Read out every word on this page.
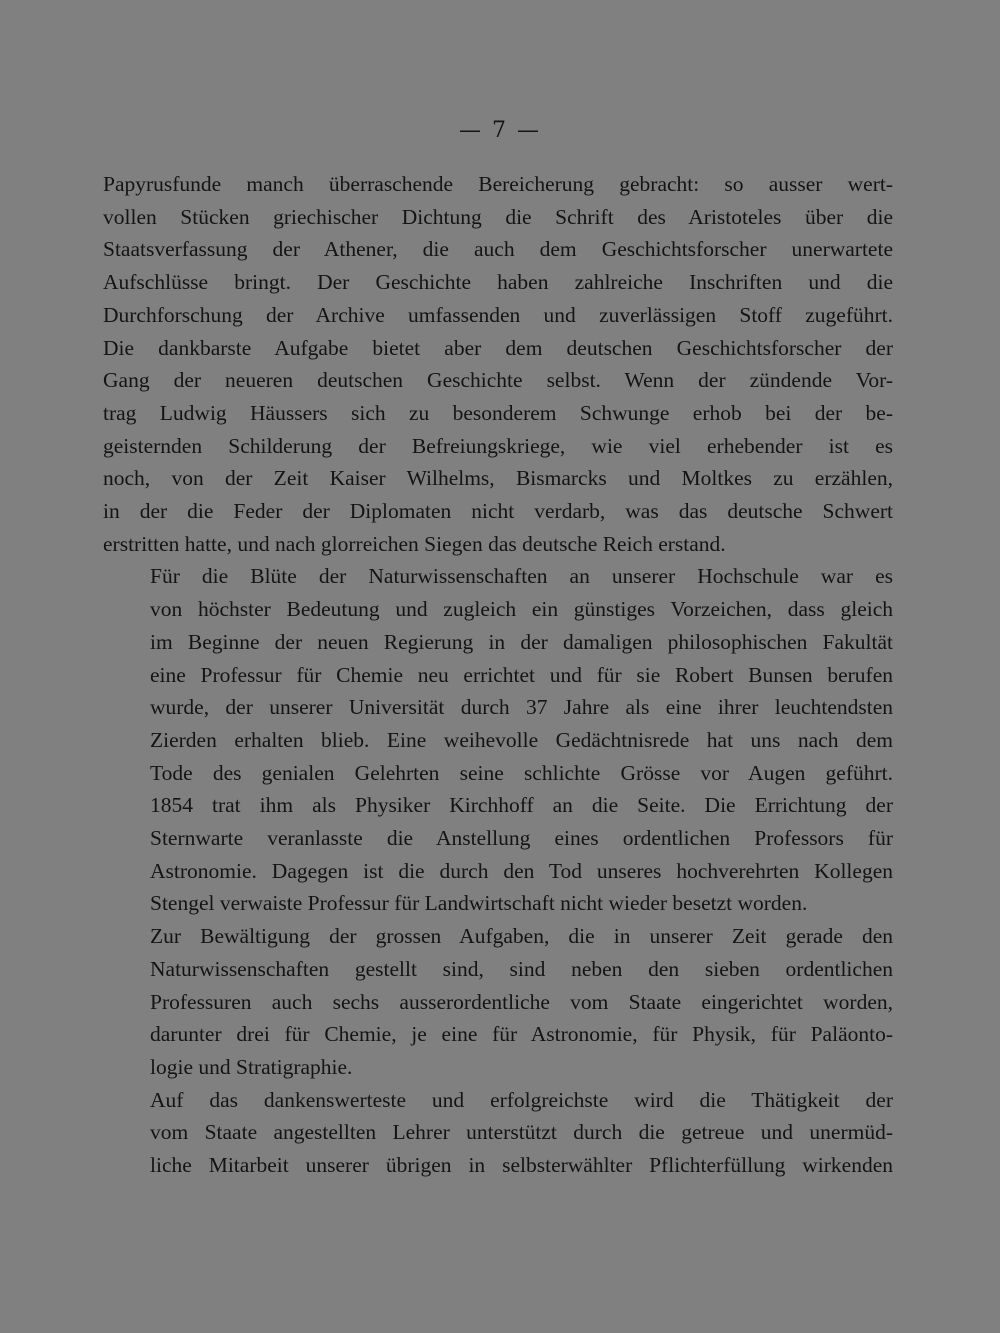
— 7 —

Papyrusfunde manch überraschende Bereicherung gebracht: so ausser wert-
vollen Stücken griechischer Dichtung die Schrift des Aristoteles über die
Staatsverfassung der Athener, die auch dem Geschichtsforscher unerwartete
Aufschlüsse bringt. Der Geschichte haben zahlreiche Inschriften und die
Durchforschung der Archive umfassenden und zuverlässigen Stoff zugeführt.
Die dankbarste Aufgabe bietet aber dem deutschen Geschichtsforscher der
Gang der neueren deutschen Geschichte selbst. Wenn der zündende Vor-
trag Ludwig Häussers sich zu besonderem Schwunge erhob bei der be-
geisternden Schilderung der Befreiungskriege, wie viel erhebender ist es
noch, von der Zeit Kaiser Wilhelms, Bismarcks und Moltkes zu erzählen,
in der die Feder der Diplomaten nicht verdarb, was das deutsche Schwert
erstritten hatte, und nach glorreichen Siegen das deutsche Reich erstand.
Für die Blüte der Naturwissenschaften an unserer Hochschule war es
von höchster Bedeutung und zugleich ein günstiges Vorzeichen, dass gleich
im Beginne der neuen Regierung in der damaligen philosophischen Fakultät
eine Professur für Chemie neu errichtet und für sie Robert Bunsen berufen
wurde, der unserer Universität durch 37 Jahre als eine ihrer leuchtendsten
Zierden erhalten blieb. Eine weihevolle Gedächtnisrede hat uns nach dem
Tode des genialen Gelehrten seine schlichte Grösse vor Augen geführt.
1854 trat ihm als Physiker Kirchhoff an die Seite. Die Errichtung der
Sternwarte veranlasste die Anstellung eines ordentlichen Professors für
Astronomie. Dagegen ist die durch den Tod unseres hochverehrten Kollegen
Stengel verwaiste Professur für Landwirtschaft nicht wieder besetzt worden.
Zur Bewältigung der grossen Aufgaben, die in unserer Zeit gerade den
Naturwissenschaften gestellt sind, sind neben den sieben ordentlichen
Professuren auch sechs ausserordentliche vom Staate eingerichtet worden,
darunter drei für Chemie, je eine für Astronomie, für Physik, für Paläonto-
logie und Stratigraphie.
Auf das dankenswerteste und erfolgreichste wird die Thätigkeit der
vom Staate angestellten Lehrer unterstützt durch die getreue und unermüd-
liche Mitarbeit unserer übrigen in selbsterwählter Pflichterfüllung wirkenden
